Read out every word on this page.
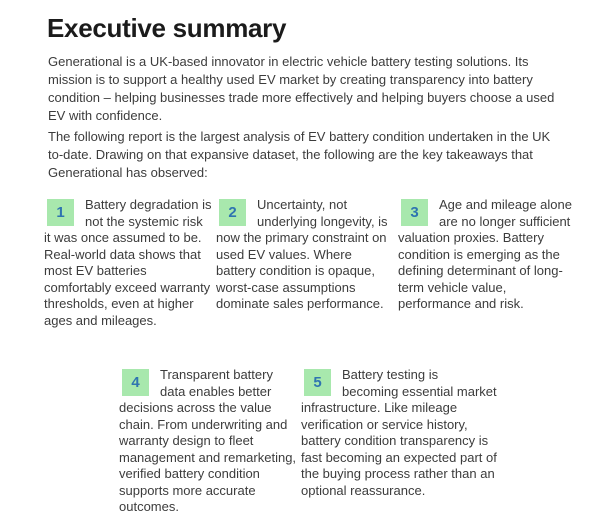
Executive summary

Generational is a UK-based innovator in electric vehicle battery testing solutions. Its mission is to support a healthy used EV market by creating transparency into battery condition – helping businesses trade more effectively and helping buyers choose a used EV with confidence.

The following report is the largest analysis of EV battery condition undertaken in the UK to-date. Drawing on that expansive dataset, the following are the key takeaways that Generational has observed:

1	Battery degradation is not the systemic risk it was once assumed to be. Real-world data shows that most EV batteries comfortably exceed warranty thresholds, even at higher ages and mileages.
2	Uncertainty, not underlying longevity, is now the primary constraint on used EV values. Where battery condition is opaque, worst-case assumptions dominate sales performance.
3	Age and mileage alone are no longer sufficient valuation proxies. Battery condition is emerging as the defining determinant of long-term vehicle value, performance and risk.
4	Transparent battery data enables better decisions across the value chain. From underwriting and warranty design to fleet management and remarketing, verified battery condition supports more accurate outcomes.
5	Battery testing is becoming essential market infrastructure. Like mileage verification or service history, battery condition transparency is fast becoming an expected part of the buying process rather than an optional reassurance.
